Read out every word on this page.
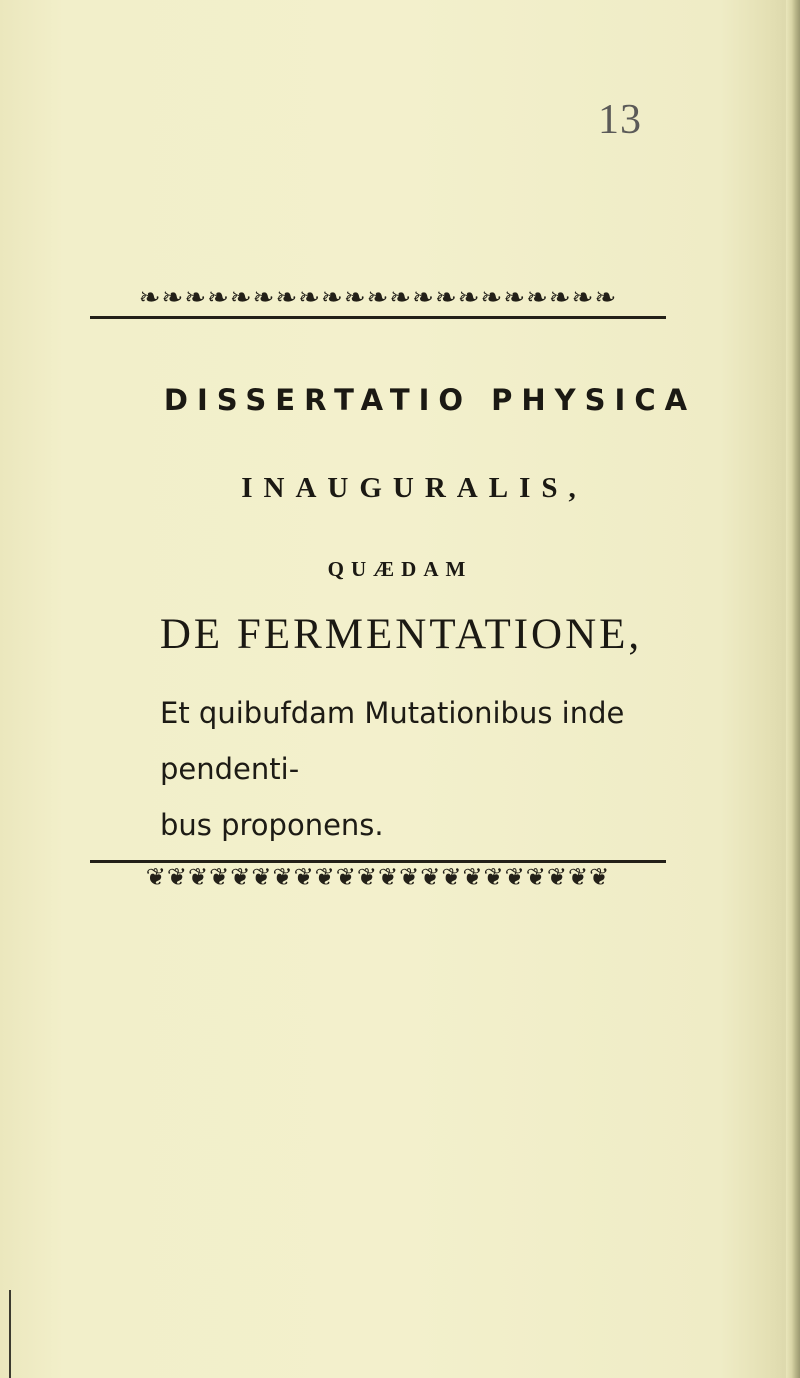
13
❧❧❧❧❧❧❧❧❧❧❧❧❧❧❧❧❧❧❧❧❧
DISSERTATIO PHYSICA
INAUGURALIS,
QUÆDAM
DE FERMENTATIONE,
Et quibufdam Mutationibus inde pendenti-
bus proponens.
❦❦❦❦❦❦❦❦❦❦❦❦❦❦❦❦❦❦❦❦❦❦
